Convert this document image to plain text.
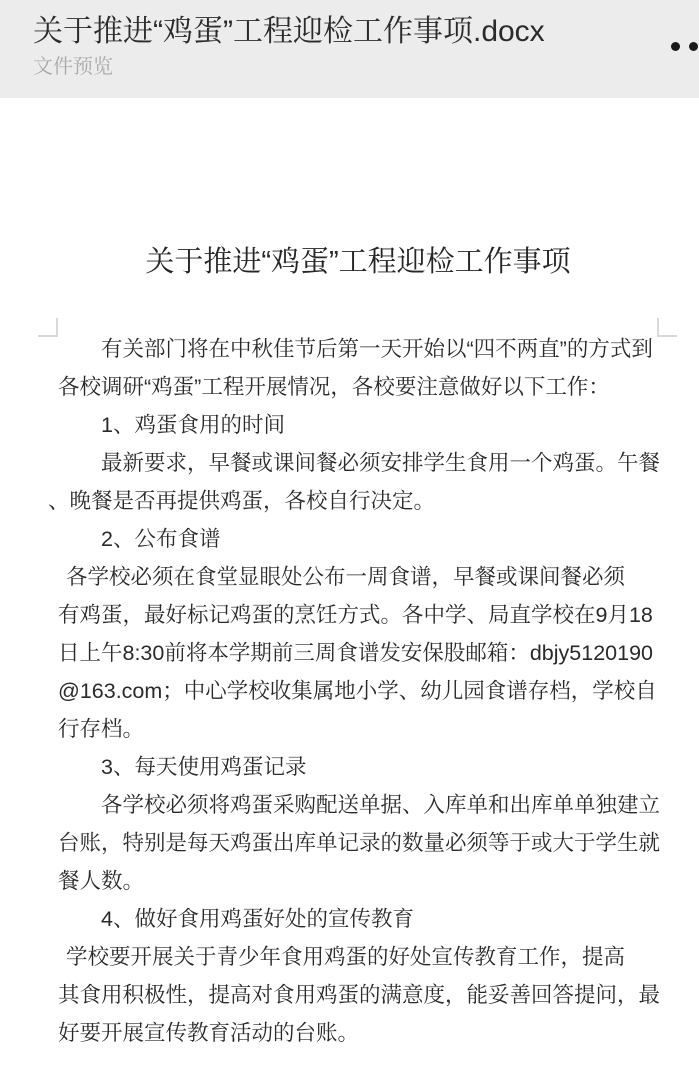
关于推进“鸡蛋”工程迎检工作事项.docx
文件预览
关于推进“鸡蛋”工程迎检工作事项
有关部门将在中秋佳节后第一天开始以“四不两直”的方式到
各校调研“鸡蛋”工程开展情况，各校要注意做好以下工作：
1、鸡蛋食用的时间
最新要求，早餐或课间餐必须安排学生食用一个鸡蛋。午餐
、晚餐是否再提供鸡蛋，各校自行决定。
2、公布食谱
各学校必须在食堂显眼处公布一周食谱，早餐或课间餐必须
有鸡蛋，最好标记鸡蛋的烹饪方式。各中学、局直学校在9月18
日上午8:30前将本学期前三周食谱发安保股邮箱：dbjy5120190
@163.com；中心学校收集属地小学、幼儿园食谱存档，学校自
行存档。
3、每天使用鸡蛋记录
各学校必须将鸡蛋采购配送单据、入库单和出库单单独建立
台账，特别是每天鸡蛋出库单记录的数量必须等于或大于学生就
餐人数。
4、做好食用鸡蛋好处的宣传教育
学校要开展关于青少年食用鸡蛋的好处宣传教育工作，提高
其食用积极性，提高对食用鸡蛋的满意度，能妥善回答提问，最
好要开展宣传教育活动的台账。
